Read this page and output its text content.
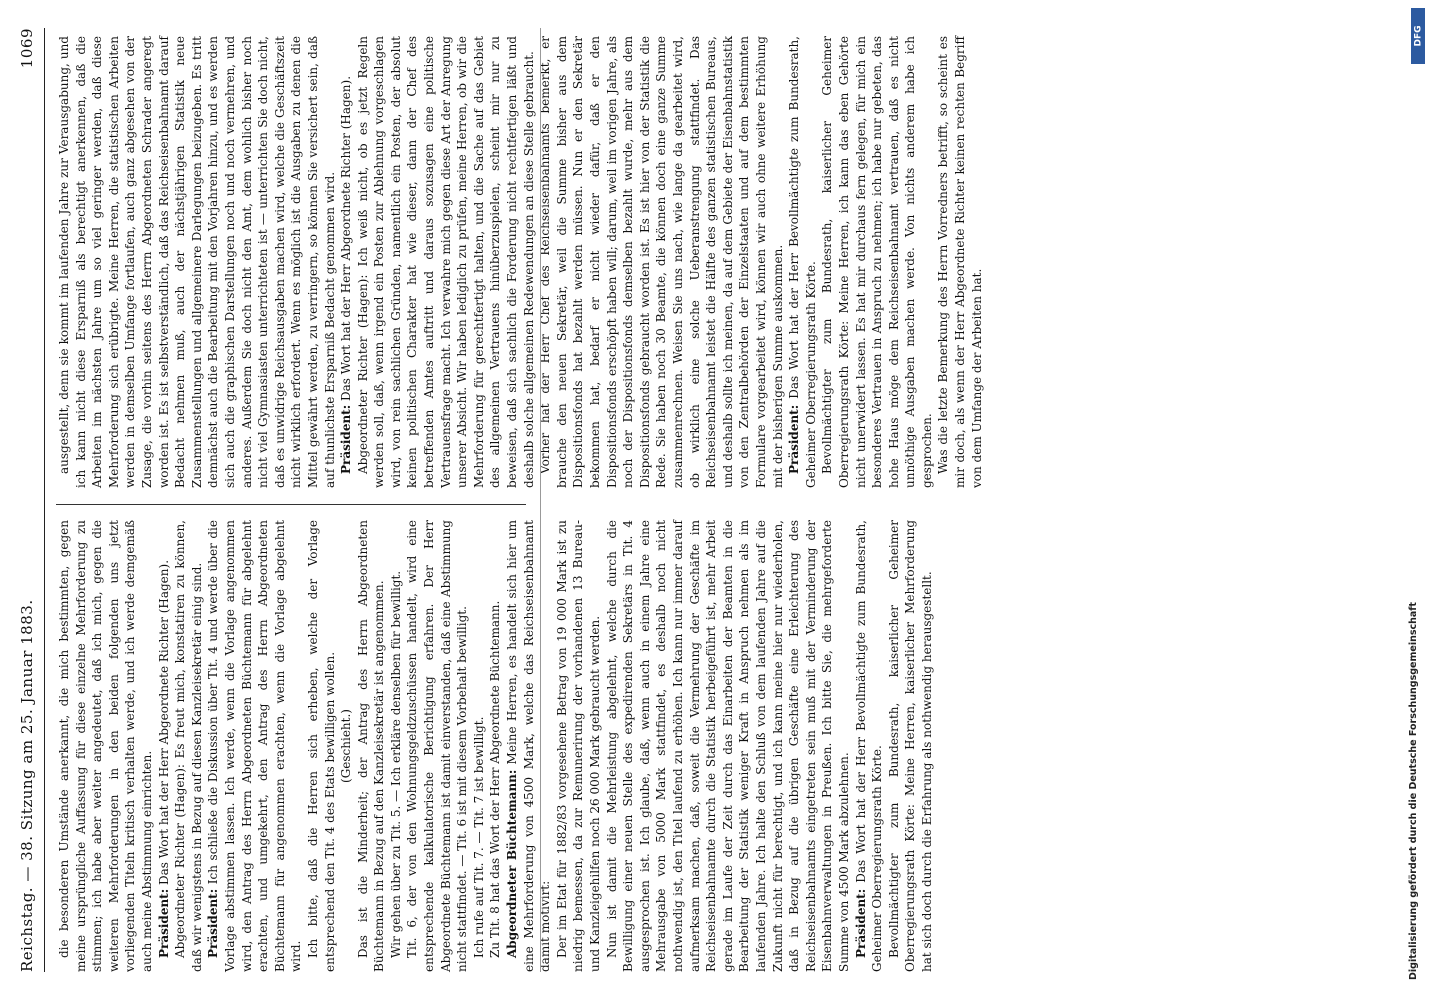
Reichstag. — 38. Sitzung am 25. Januar 1883.
1069

die besonderen Umstände anerkannt, die mich bestimmten, gegen meine ursprüngliche Auffassung für diese einzelne Mehrforderung zu stimmen; ich habe aber weiter angedeutet, daß ich mich, gegen die weiteren Mehrforderungen in den beiden folgenden uns jetzt vorliegenden Titeln kritisch verhalten werde, und ich werde demgemäß auch meine Abstimmung einrichten. Präsident: Das Wort hat der Herr Abgeordnete Richter (Hagen). Abgeordneter Richter (Hagen): Es freut mich, konstatiren zu können, daß wir wenigstens in Bezug auf diesen Kanzleisekretär einig sind. Präsident: Ich schließe die Diskussion über Tit. 4 und werde über die Vorlage abstimmen lassen. Ich werde, wenn die Vorlage angenommen wird, den Antrag des Herrn Abgeordneten Büchtemann für abgelehnt erachten, und umgekehrt, den Antrag des Herrn Abgeordneten Büchtemann für angenommen erachten, wenn die Vorlage abgelehnt wird. Ich bitte, daß die Herren sich erheben, welche der Vorlage entsprechend den Tit. 4 des Etats bewilligen wollen. (Geschieht.) Das ist die Minderheit; der Antrag des Herrn Abgeordneten Büchtemann in Bezug auf den Kanzleisekretär ist angenommen. Wir gehen über zu Tit. 5. — Ich erkläre denselben für bewilligt. Tit. 6, der von den Wohnungsgeldzuschüssen handelt, wird eine entsprechende kalkulatorische Berichtigung erfahren. Der Herr Abgeordnete Büchtemann ist damit einverstanden, daß eine Abstimmung nicht stattfindet. — Tit. 6 ist mit diesem Vorbehalt bewilligt. Ich rufe auf Tit. 7. — Tit. 7 ist bewilligt. Zu Tit. 8 hat das Wort der Herr Abgeordnete Büchtemann. Abgeordneter Büchtemann: Meine Herren, es handelt sich hier um eine Mehrforderung von 4500 Mark, welche das Reichseisenbahnamt damit motivirt: Der im Etat für 1882/83 vorgesehene Betrag von 19 000 Mark ist zu niedrig bemessen, da zur Remunerirung der vorhandenen 13 Bureau- und Kanzleigehilfen noch 26 000 Mark gebraucht werden. Nun ist damit die Mehrleistung abgelehnt, welche durch die Bewilligung einer neuen Stelle des expedirenden Sekretärs in Tit. 4 ausgesprochen ist. Ich glaube, daß, wenn auch in einem Jahre eine Mehrausgabe von 5000 Mark stattfindet, es deshalb noch nicht nothwendig ist, den Titel laufend zu erhöhen. Ich kann nur immer darauf aufmerksam machen, daß, soweit die Vermehrung der Geschäfte im Reichseisenbahnamte durch die Statistik herbeigeführt ist, mehr Arbeit gerade im Laufe der Zeit durch das Einarbeiten der Beamten in die Bearbeitung der Statistik weniger Kraft in Anspruch nehmen als im laufenden Jahre. Ich halte den Schluß von dem laufenden Jahre auf die Zukunft nicht für berechtigt, und ich kann meine hier nur wiederholen, daß in Bezug auf die übrigen Geschäfte eine Erleichterung des Reichseisenbahnamts eingetreten sein muß mit der Verminderung der Eisenbahnverwaltungen in Preußen. Ich bitte Sie, die mehrgeforderte Summe von 4500 Mark abzulehnen. Präsident: Das Wort hat der Herr Bevollmächtigte zum Bundesrath, Geheimer Oberregierungsrath Körte. Bevollmächtigter zum Bundesrath, kaiserlicher Geheimer Oberregierungsrath Körte: Meine Herren, kaiserlicher Mehrforderung hat sich doch durch die Erfahrung als nothwendig herausgestellt.

ausgestellt, denn sie kommt im laufenden Jahre zur Verausgabung, und ich kann nicht diese Ersparniß als berechtigt anerkennen, daß die Arbeiten im nächsten Jahre um so viel geringer werden, daß diese Mehrforderung sich erübrigte. Meine Herren, die statistischen Arbeiten werden in demselben Umfange fortlaufen, auch ganz abgesehen von der Zusage, die vorhin seitens des Herrn Abgeordneten Schrader angeregt worden ist. Es ist selbstverständlich, daß das Reichseisenbahnamt darauf Bedacht nehmen muß, auch der nächstjährigen Statistik neue Zusammenstellungen und allgemeinere Darlegungen beizugeben. Es tritt demnächst auch die Bearbeitung mit den Vorjahren hinzu, und es werden sich auch die graphischen Darstellungen noch und noch vermehren, und anderes. Außerdem Sie doch nicht den Amt, dem wohlich bisher noch nicht viel Gymnasiasten unterrichteten ist — unterrichten Sie doch nicht, daß es unwidrige Reichsausgaben machen wird, welche die Geschäftszeit nicht wirklich erfordert. Wenn es möglich ist die Ausgaben zu denen die Mittel gewährt werden, zu verringern, so können Sie versichert sein, daß auf thunlichste Ersparniß Bedacht genommen wird. Präsident: Das Wort hat der Herr Abgeordnete Richter (Hagen). Abgeordneter Richter (Hagen): Ich weiß nicht, ob es jetzt Regeln werden soll, daß, wenn irgend ein Posten zur Ablehnung vorgeschlagen wird, von rein sachlichen Gründen, namentlich ein Posten, der absolut keinen politischen Charakter hat wie dieser, dann der Chef des betreffenden Amtes auftritt und daraus sozusagen eine politische Vertrauensfrage macht. Ich verwahre mich gegen diese Art der Anregung unserer Absicht. Wir haben lediglich zu prüfen, meine Herren, ob wir die Mehrforderung für gerechtfertigt halten, und die Sache auf das Gebiet des allgemeinen Vertrauens hinüberzuspielen, scheint mir nur zu beweisen, daß sich sachlich die Forderung nicht rechtfertigen läßt und deshalb solche allgemeinen Redewendungen an diese Stelle gebraucht. Vorher hat der Herr Chef des Reichseisenbahnamts bemerkt, er brauche den neuen Sekretär, weil die Summe bisher aus dem Dispositionsfonds hat bezahlt werden müssen. Nun er den Sekretär bekommen hat, bedarf er nicht wieder dafür, daß er den Dispositionsfonds erschöpft haben will; darum, weil im vorigen Jahre, als noch der Dispositionsfonds demselben bezahlt wurde, mehr aus dem Dispositionsfonds gebraucht worden ist. Es ist hier von der Statistik die Rede. Sie haben noch 30 Beamte, die können doch eine ganze Summe zusammenrechnen. Weisen Sie uns nach, wie lange da gearbeitet wird, ob wirklich eine solche Ueberanstrengung stattfindet. Das Reichseisenbahnamt leistet die Hälfte des ganzen statistischen Bureaus, und deshalb sollte ich meinen, da auf dem Gebiete der Eisenbahnstatistik von den Zentralbehörden der Einzelstaaten und auf dem bestimmten Formulare vorgearbeitet wird, können wir auch ohne weitere Erhöhung mit der bisherigen Summe auskommen. Präsident: Das Wort hat der Herr Bevollmächtigte zum Bundesrath, Geheimer Oberregierungsrath Körte. Bevollmächtigter zum Bundesrath, kaiserlicher Geheimer Oberregierungsrath Körte: Meine Herren, ich kann das eben Gehörte nicht unerwidert lassen. Es hat mir durchaus fern gelegen, für mich ein besonderes Vertrauen in Anspruch zu nehmen; ich habe nur gebeten, das hohe Haus möge dem Reichseisenbahnamt vertrauen, daß es nicht unnöthige Ausgaben machen werde. Von nichts anderem habe ich gesprochen. Was die letzte Bemerkung des Herrn Vorredners betrifft, so scheint es mir doch, als wenn der Herr Abgeordnete Richter keinen rechten Begriff von dem Umfange der Arbeiten hat.

DFG
Digitalisierung gefördert durch die Deutsche Forschungsgemeinschaft
